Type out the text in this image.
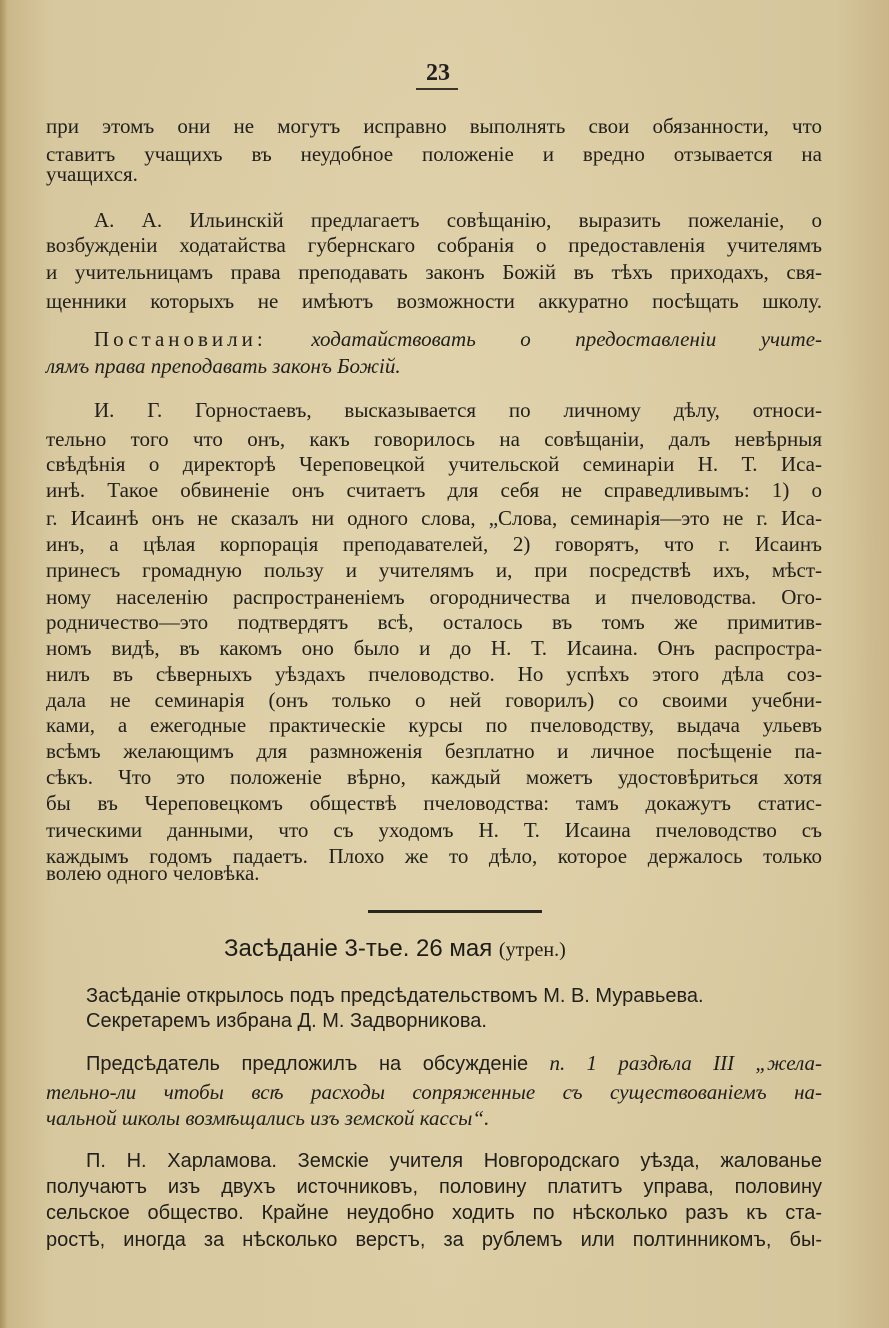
23
при этомъ они не могутъ исправно выполнять свои обязанности, что
ставитъ учащихъ въ неудобное положеніе и вредно отзывается на
учащихся.
А. А. Ильинскій предлагаетъ совѣщанію, выразить пожеланіе, о
возбужденіи ходатайства губернскаго собранія о предоставленія учителямъ
и учительницамъ права преподавать законъ Божій въ тѣхъ приходахъ, свя-
щенники которыхъ не имѣютъ возможности аккуратно посѣщать школу.
Постановили: ходатайствовать о предоставленіи учите-
лямъ права преподавать законъ Божій.
И. Г. Горностаевъ, высказывается по личному дѣлу, относи-
тельно того что онъ, какъ говорилось на совѣщаніи, далъ невѣрныя
свѣдѣнія о директорѣ Череповецкой учительской семинаріи Н. Т. Иса-
инѣ. Такое обвиненіе онъ считаетъ для себя не справедливымъ: 1) о
г. Исаинѣ онъ не сказалъ ни одного слова, „Слова, семинарія—это не г. Иса-
инъ, а цѣлая корпорація преподавателей, 2) говорятъ, что г. Исаинъ
принесъ громадную пользу и учителямъ и, при посредствѣ ихъ, мѣст-
ному населенію распространеніемъ огородничества и пчеловодства. Ого-
родничество—это подтвердятъ всѣ, осталось въ томъ же примитив-
номъ видѣ, въ какомъ оно было и до Н. Т. Исаина. Онъ распростра-
нилъ въ сѣверныхъ уѣздахъ пчеловодство. Но успѣхъ этого дѣла соз-
дала не семинарія (онъ только о ней говорилъ) со своими учебни-
ками, а ежегодные практическіе курсы по пчеловодству, выдача ульевъ
всѣмъ желающимъ для размноженія безплатно и личное посѣщеніе па-
сѣкъ. Что это положеніе вѣрно, каждый можетъ удостовѣриться хотя
бы въ Череповецкомъ обществѣ пчеловодства: тамъ докажутъ статис-
тическими данными, что съ уходомъ Н. Т. Исаина пчеловодство съ
каждымъ годомъ падаетъ. Плохо же то дѣло, которое держалось только
волею одного человѣка.
Засѣданіе 3-тье. 26 мая (утрен.)
Засѣданіе открылось подъ предсѣдательствомъ М. В. Муравьева.
Секретаремъ избрана Д. М. Задворникова.
Предсѣдатель предложилъ на обсужденіе п. 1 раздѣла III „жела-
тельно-ли чтобы всѣ расходы сопряженные съ существованіемъ на-
чальной школы возмѣщались изъ земской кассы“.
П. Н. Харламова. Земскіе учителя Новгородскаго уѣзда, жалованье
получаютъ изъ двухъ источниковъ, половину платитъ управа, половину
сельское общество. Крайне неудобно ходить по нѣсколько разъ къ ста-
ростѣ, иногда за нѣсколько верстъ, за рублемъ или полтинникомъ, бы-
